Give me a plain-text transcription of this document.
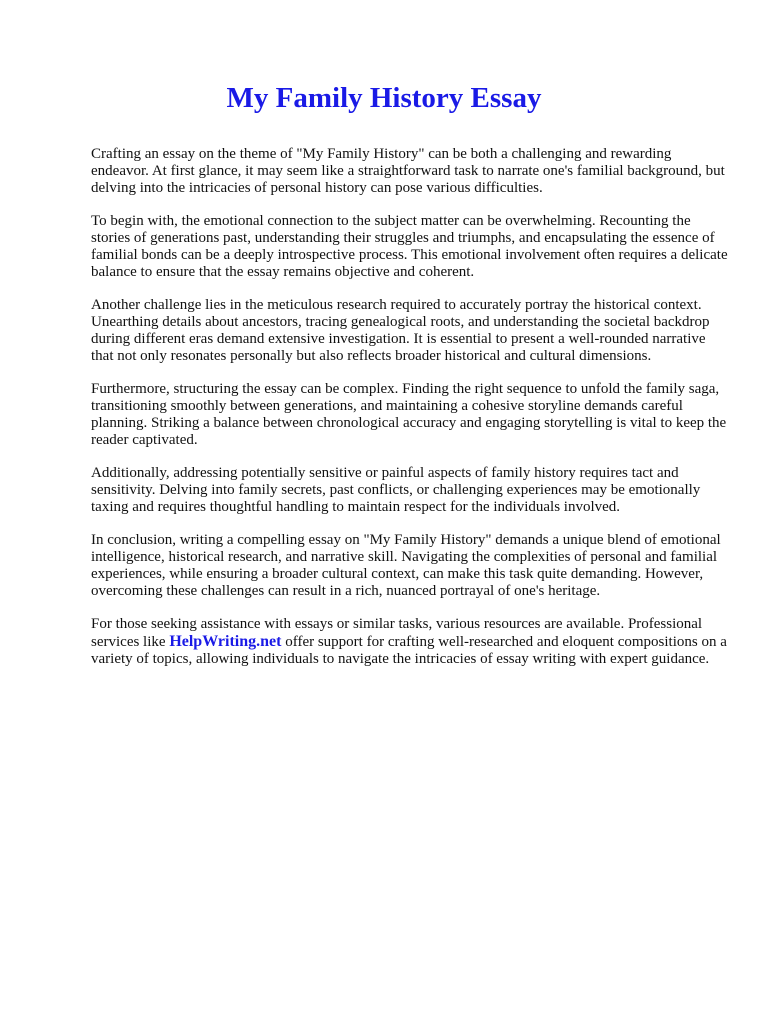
My Family History Essay

Crafting an essay on the theme of "My Family History" can be both a challenging and rewarding endeavor. At first glance, it may seem like a straightforward task to narrate one's familial background, but delving into the intricacies of personal history can pose various difficulties.

To begin with, the emotional connection to the subject matter can be overwhelming. Recounting the stories of generations past, understanding their struggles and triumphs, and encapsulating the essence of familial bonds can be a deeply introspective process. This emotional involvement often requires a delicate balance to ensure that the essay remains objective and coherent.

Another challenge lies in the meticulous research required to accurately portray the historical context. Unearthing details about ancestors, tracing genealogical roots, and understanding the societal backdrop during different eras demand extensive investigation. It is essential to present a well-rounded narrative that not only resonates personally but also reflects broader historical and cultural dimensions.

Furthermore, structuring the essay can be complex. Finding the right sequence to unfold the family saga, transitioning smoothly between generations, and maintaining a cohesive storyline demands careful planning. Striking a balance between chronological accuracy and engaging storytelling is vital to keep the reader captivated.

Additionally, addressing potentially sensitive or painful aspects of family history requires tact and sensitivity. Delving into family secrets, past conflicts, or challenging experiences may be emotionally taxing and requires thoughtful handling to maintain respect for the individuals involved.

In conclusion, writing a compelling essay on "My Family History" demands a unique blend of emotional intelligence, historical research, and narrative skill. Navigating the complexities of personal and familial experiences, while ensuring a broader cultural context, can make this task quite demanding. However, overcoming these challenges can result in a rich, nuanced portrayal of one's heritage.

For those seeking assistance with essays or similar tasks, various resources are available. Professional services like HelpWriting.net offer support for crafting well-researched and eloquent compositions on a variety of topics, allowing individuals to navigate the intricacies of essay writing with expert guidance.
